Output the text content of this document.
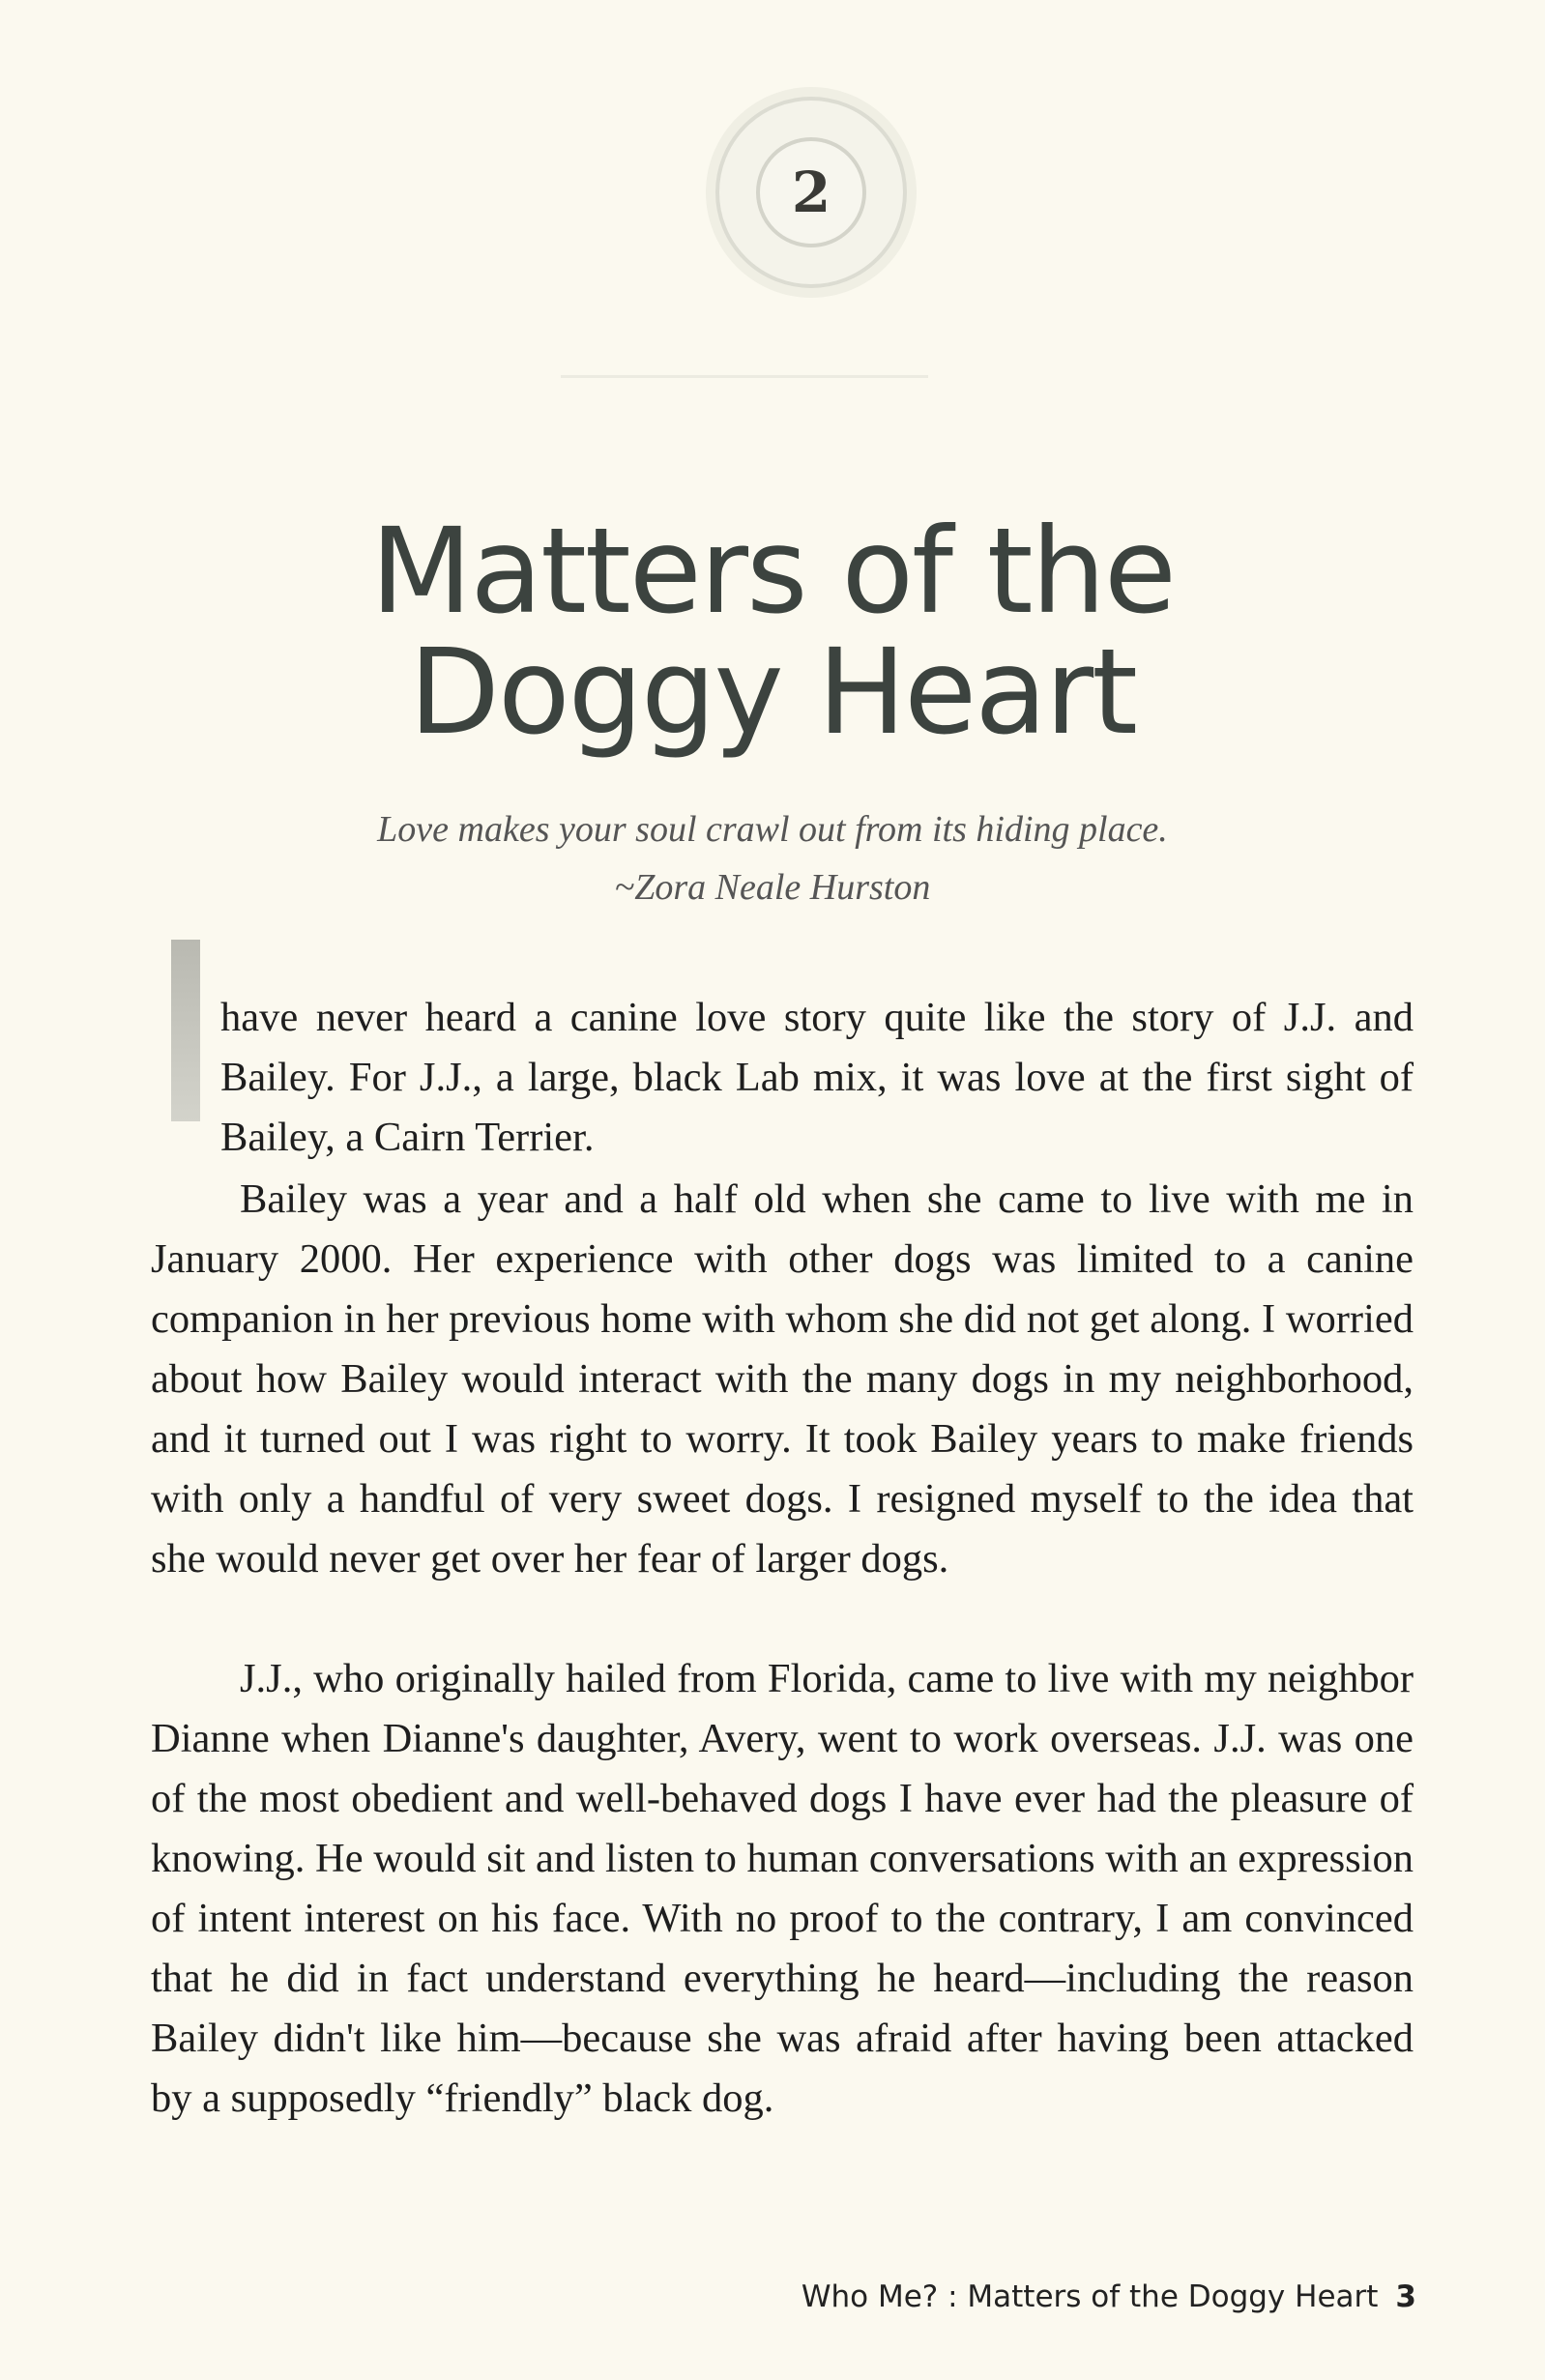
2
Matters of the
Doggy Heart
Love makes your soul crawl out from its hiding place.
~Zora Neale Hurston

have never heard a canine love story quite like the story of J.J. and Bailey. For J.J., a large, black Lab mix, it was love at the first sight of Bailey, a Cairn Terrier.

Bailey was a year and a half old when she came to live with me in January 2000. Her experience with other dogs was limited to a canine companion in her previous home with whom she did not get along. I worried about how Bailey would interact with the many dogs in my neighborhood, and it turned out I was right to worry. It took Bailey years to make friends with only a handful of very sweet dogs. I resigned myself to the idea that she would never get over her fear of larger dogs.

J.J., who originally hailed from Florida, came to live with my neighbor Dianne when Dianne's daughter, Avery, went to work overseas. J.J. was one of the most obedient and well-behaved dogs I have ever had the pleasure of knowing. He would sit and listen to human conversations with an expression of intent interest on his face. With no proof to the contrary, I am convinced that he did in fact understand everything he heard—including the reason Bailey didn't like him—because she was afraid after having been attacked by a supposedly “friendly” black dog.

Who Me? : Matters of the Doggy Heart 3
